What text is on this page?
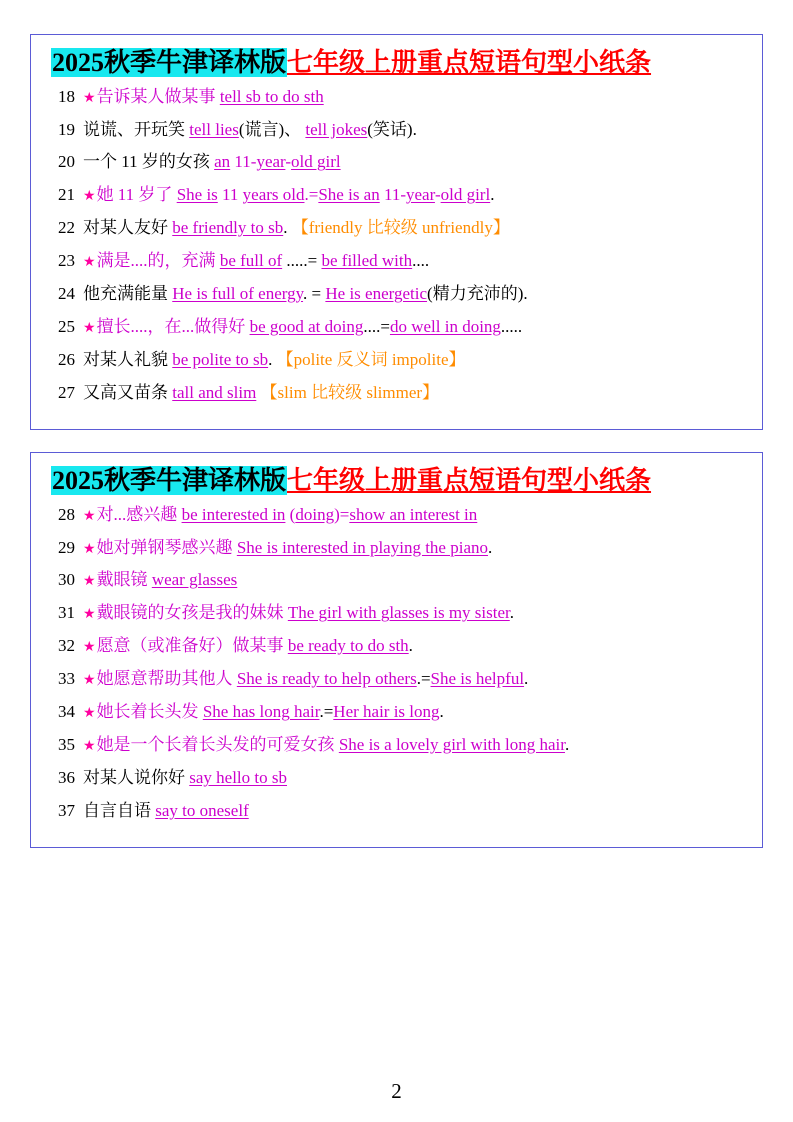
2025秋季牛津译林版七年级上册重点短语句型小纸条
18 ★告诉某人做某事 tell sb to do sth
19 说谎、开玩笑 tell lies(谎言)、 tell jokes(笑话).
20 一个 11 岁的女孩 an 11-year-old girl
21 ★她 11 岁了 She is 11 years old.=She is an 11-year-old girl.
22 对某人友好 be friendly to sb. 【friendly 比较级 unfriendly】
23 ★满是....的，充满 be full of .....= be filled with....
24 他充满能量 He is full of energy. = He is energetic(精力充沛的).
25 ★擅长....，在...做得好 be good at doing....=do well in doing.....
26 对某人礼貌 be polite to sb. 【polite 反义词 impolite】
27 又高又苗条 tall and slim 【slim 比较级 slimmer】
2025秋季牛津译林版七年级上册重点短语句型小纸条
28 ★对...感兴趣 be interested in (doing)=show an interest in
29 ★她对弹钢琴感兴趣 She is interested in playing the piano.
30 ★戴眼镜 wear glasses
31 ★戴眼镜的女孩是我的妹妹 The girl with glasses is my sister.
32 ★愿意（或准备好）做某事 be ready to do sth.
33 ★她愿意帮助其他人 She is ready to help others.=She is helpful.
34 ★她长着长头发 She has long hair.=Her hair is long.
35 ★她是一个长着长头发的可爱女孩 She is a lovely girl with long hair.
36 对某人说你好 say hello to sb
37 自言自语 say to oneself
2
